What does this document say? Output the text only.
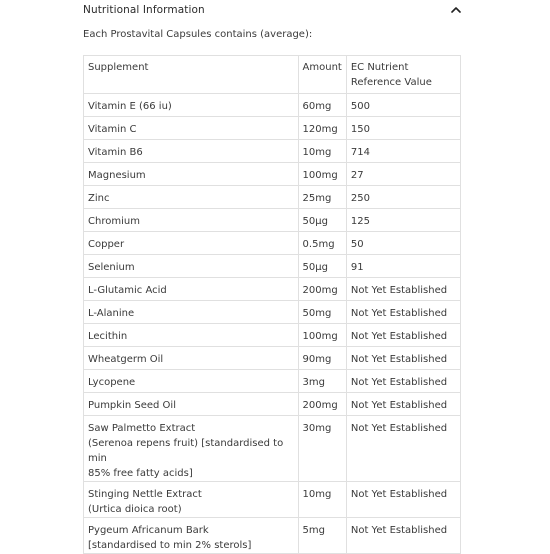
Nutritional Information
Each Prostavital Capsules contains (average):
Supplement	Amount	EC Nutrient
Reference Value
Vitamin E (66 iu)	60mg	500
Vitamin C	120mg	150
Vitamin B6	10mg	714
Magnesium	100mg	27
Zinc	25mg	250
Chromium	50µg	125
Copper	0.5mg	50
Selenium	50µg	91
L-Glutamic Acid	200mg	Not Yet Established
L-Alanine	50mg	Not Yet Established
Lecithin	100mg	Not Yet Established
Wheatgerm Oil	90mg	Not Yet Established
Lycopene	3mg	Not Yet Established
Pumpkin Seed Oil	200mg	Not Yet Established
Saw Palmetto Extract
(Serenoa repens fruit) [standardised to min
85% free fatty acids]	30mg	Not Yet Established
Stinging Nettle Extract
(Urtica dioica root)	10mg	Not Yet Established
Pygeum Africanum Bark
[standardised to min 2% sterols]	5mg	Not Yet Established
